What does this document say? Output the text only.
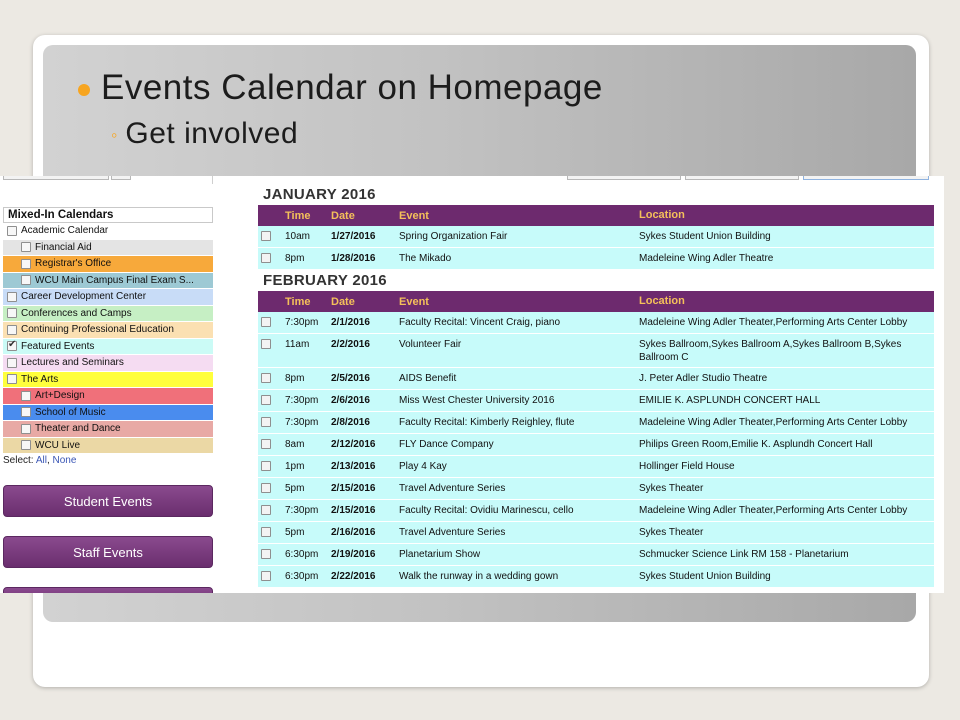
Events Calendar on Homepage
◦ Get involved
Mixed-In Calendars
Academic Calendar
Financial Aid
Registrar's Office
WCU Main Campus Final Exam S...
Career Development Center
Conferences and Camps
Continuing Professional Education
✔
Featured Events
Lectures and Seminars
The Arts
Art+Design
School of Music
Theater and Dance
WCU Live
Select: All, None
Student Events
Staff Events
JANUARY 2016
Time	Date	Event	Location
10am	1/27/2016	Spring Organization Fair	Sykes Student Union Building
8pm	1/28/2016	The Mikado	Madeleine Wing Adler Theatre
FEBRUARY 2016
Time	Date	Event	Location
7:30pm	2/1/2016	Faculty Recital: Vincent Craig, piano	Madeleine Wing Adler Theater,Performing Arts Center Lobby
11am	2/2/2016	Volunteer Fair	Sykes Ballroom,Sykes Ballroom A,Sykes Ballroom B,Sykes Ballroom C
8pm	2/5/2016	AIDS Benefit	J. Peter Adler Studio Theatre
7:30pm	2/6/2016	Miss West Chester University 2016	EMILIE K. ASPLUNDH CONCERT HALL
7:30pm	2/8/2016	Faculty Recital: Kimberly Reighley, flute	Madeleine Wing Adler Theater,Performing Arts Center Lobby
8am	2/12/2016	FLY Dance Company	Philips Green Room,Emilie K. Asplundh Concert Hall
1pm	2/13/2016	Play 4 Kay	Hollinger Field House
5pm	2/15/2016	Travel Adventure Series	Sykes Theater
7:30pm	2/15/2016	Faculty Recital: Ovidiu Marinescu, cello	Madeleine Wing Adler Theater,Performing Arts Center Lobby
5pm	2/16/2016	Travel Adventure Series	Sykes Theater
6:30pm	2/19/2016	Planetarium Show	Schmucker Science Link RM 158 - Planetarium
6:30pm	2/22/2016	Walk the runway in a wedding gown	Sykes Student Union Building
